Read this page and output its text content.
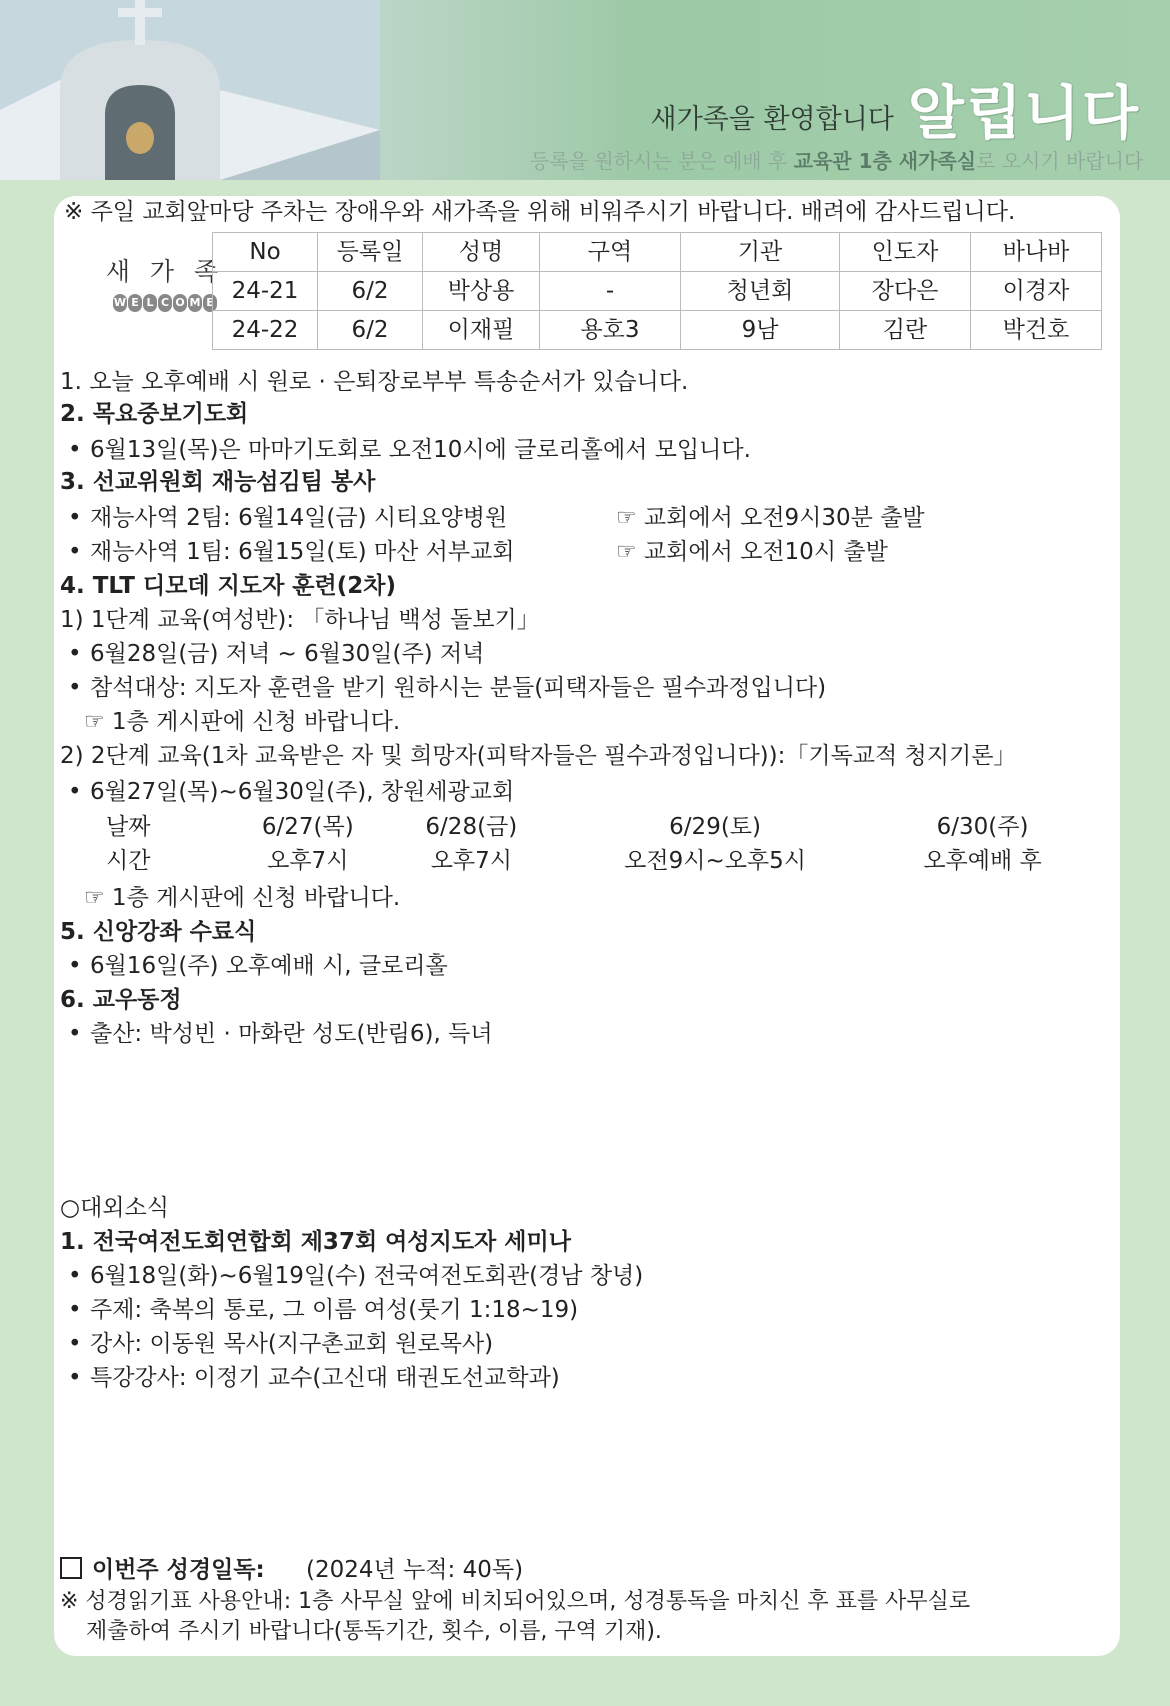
새가족을 환영합니다 알립니다
등록을 원하시는 분은 예배 후 교육관 1층 새가족실로 오시기 바랍니다
※ 주일 교회앞마당 주차는 장애우와 새가족을 위해 비워주시기 바랍니다. 배려에 감사드립니다.
새 가 족
W E L C O M E
No	등록일	성명	구역	기관	인도자	바나바
24-21	6/2	박상용	-	청년회	장다은	이경자
24-22	6/2	이재필	용호3	9남	김란	박건호
1. 오늘 오후예배 시 원로 · 은퇴장로부부 특송순서가 있습니다.
2. 목요중보기도회
• 6월13일(목)은 마마기도회로 오전10시에 글로리홀에서 모입니다.
3. 선교위원회 재능섬김팀 봉사
• 재능사역 2팀: 6월14일(금) 시티요양병원	☞ 교회에서 오전9시30분 출발
• 재능사역 1팀: 6월15일(토) 마산 서부교회	☞ 교회에서 오전10시 출발
4. TLT 디모데 지도자 훈련(2차)
1) 1단계 교육(여성반): 「하나님 백성 돌보기」
• 6월28일(금) 저녁 ~ 6월30일(주) 저녁
• 참석대상: 지도자 훈련을 받기 원하시는 분들(피택자들은 필수과정입니다)
☞ 1층 게시판에 신청 바랍니다.
2) 2단계 교육(1차 교육받은 자 및 희망자(피탁자들은 필수과정입니다)):「기독교적 청지기론」
• 6월27일(목)~6월30일(주), 창원세광교회
날짜	6/27(목)	6/28(금)	6/29(토)	6/30(주)
시간	오후7시	오후7시	오전9시~오후5시	오후예배 후
☞ 1층 게시판에 신청 바랍니다.
5. 신앙강좌 수료식
• 6월16일(주) 오후예배 시, 글로리홀
6. 교우동정
• 출산: 박성빈 · 마화란 성도(반림6), 득녀
○대외소식
1. 전국여전도회연합회 제37회 여성지도자 세미나
• 6월18일(화)~6월19일(수) 전국여전도회관(경남 창녕)
• 주제: 축복의 통로, 그 이름 여성(룻기 1:18~19)
• 강사: 이동원 목사(지구촌교회 원로목사)
• 특강강사: 이정기 교수(고신대 태권도선교학과)
이번주 성경일독: (2024년 누적: 40독)
※ 성경읽기표 사용안내: 1층 사무실 앞에 비치되어있으며, 성경통독을 마치신 후 표를 사무실로
제출하여 주시기 바랍니다(통독기간, 횟수, 이름, 구역 기재).
